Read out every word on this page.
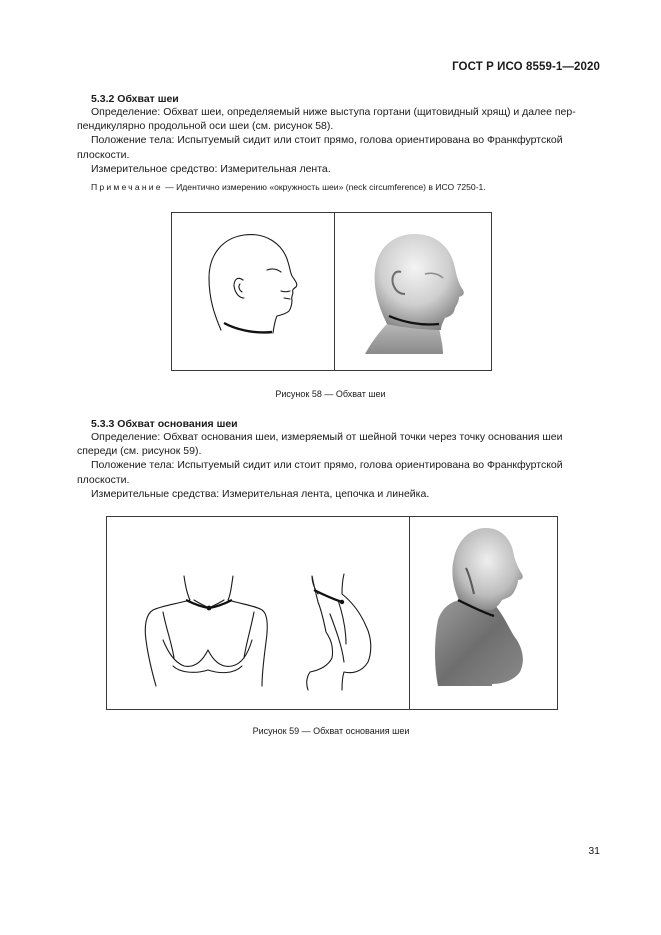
ГОСТ Р ИСО 8559-1—2020
5.3.2 Обхват шеи

Определение: Обхват шеи, определяемый ниже выступа гортани (щитовидный хрящ) и далее пер-

пендикулярно продольной оси шеи (см. рисунок 58).

Положение тела: Испытуемый сидит или стоит прямо, голова ориентирована во Франкфуртской

плоскости.

Измерительное средство: Измерительная лента.

Примечание — Идентично измерению «окружность шеи» (neck circumference) в ИСО 7250-1.
Рисунок 58 — Обхват шеи
5.3.3 Обхват основания шеи

Определение: Обхват основания шеи, измеряемый от шейной точки через точку основания шеи

спереди (см. рисунок 59).

Положение тела: Испытуемый сидит или стоит прямо, голова ориентирована во Франкфуртской

плоскости.

Измерительные средства: Измерительная лента, цепочка и линейка.

Рисунок 59 — Обхват основания шеи
31
